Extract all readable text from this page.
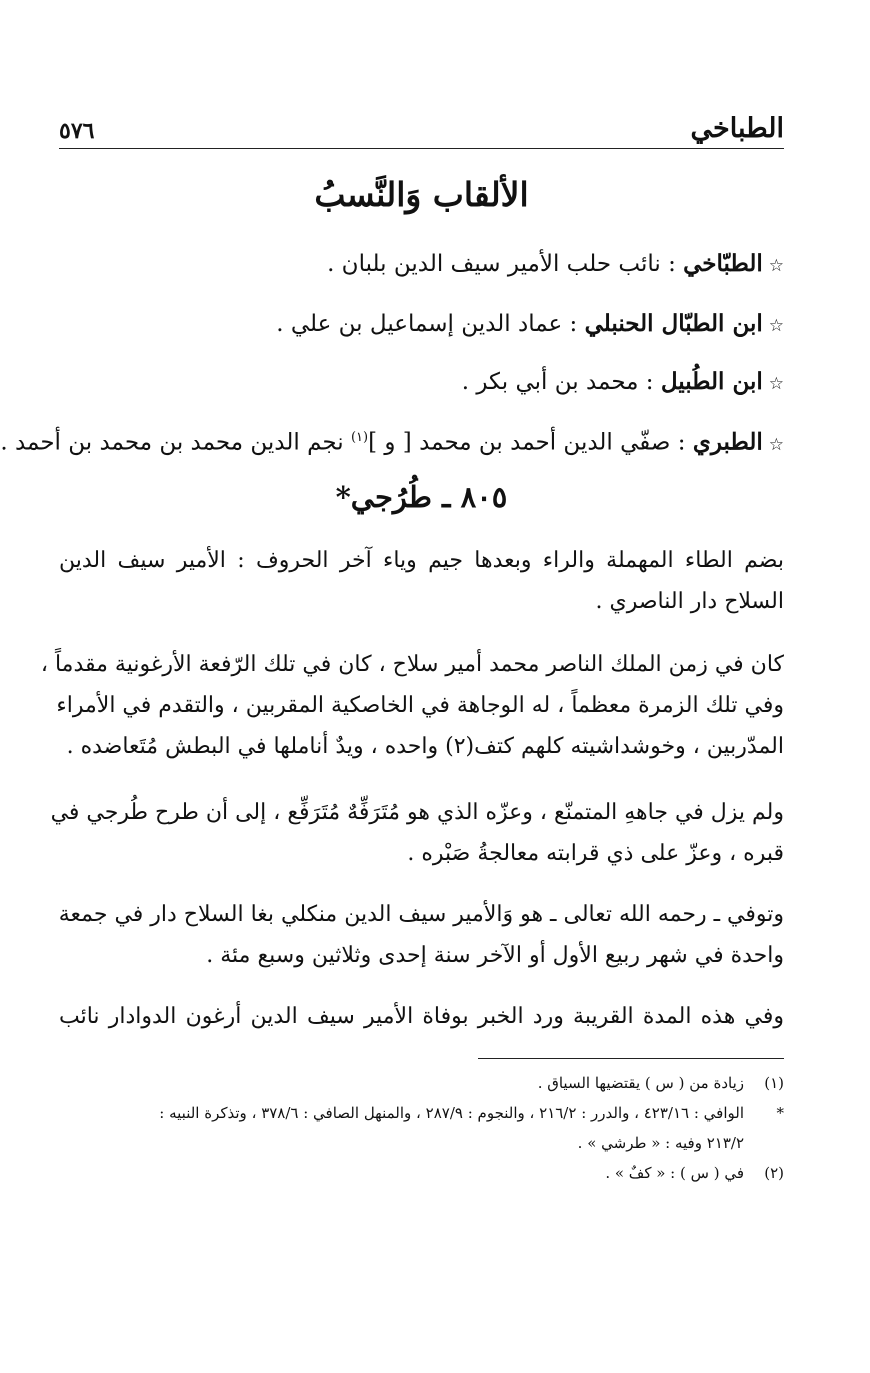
الطباخي
٥٧٦
الألقاب وَالنَّسبُ
☆الطبّاخي : نائب حلب الأمير سيف الدين بلبان .
☆ابن الطبّال الحنبلي : عماد الدين إسماعيل بن علي .
☆ابن الطُبيل : محمد بن أبي بكر .
☆الطبري : صفّي الدين أحمد بن محمد [ و ]$^{(١)}$ نجم الدين محمد بن محمد بن أحمد .
٨٠٥ ـ طُرُجي*
بضم الطاء المهملة والراء وبعدها جيم وياء آخر الحروف : الأمير سيف الدين
السلاح دار الناصري .
كان في زمن الملك الناصر محمد أمير سلاح ، كان في تلك الرّفعة الأرغونية مقدماً ،
وفي تلك الزمرة معظماً ، له الوجاهة في الخاصكية المقربين ، والتقدم في الأمراء
المدّربين ، وخوشداشيته كلهم كتف(٢) واحده ، ويدٌ أناملها في البطش مُتَعاضده .
ولم يزل في جاههِ المتمنّع ، وعزّه الذي هو مُتَرَفِّهٌ مُتَرَفِّع ، إلى أن طرح طُرجي في
قبره ، وعزّ على ذي قرابته معالجةُ صَبْره .
وتوفي ـ رحمه الله تعالى ـ هو وَالأمير سيف الدين منكلي بغا السلاح دار في جمعة
واحدة في شهر ربيع الأول أو الآخر سنة إحدى وثلاثين وسبع مئة .
وفي هذه المدة القريبة ورد الخبر بوفاة الأمير سيف الدين أرغون الدوادار نائب
(١)
زيادة من ( س ) يقتضيها السياق .
*
الوافي : ٤٢٣/١٦ ، والدرر : ٢١٦/٢ ، والنجوم : ٢٨٧/٩ ، والمنهل الصافي : ٣٧٨/٦ ، وتذكرة النبيه :
٢١٣/٢ وفيه : « طرشي » .
(٢)
في ( س ) : « كفٌ » .
